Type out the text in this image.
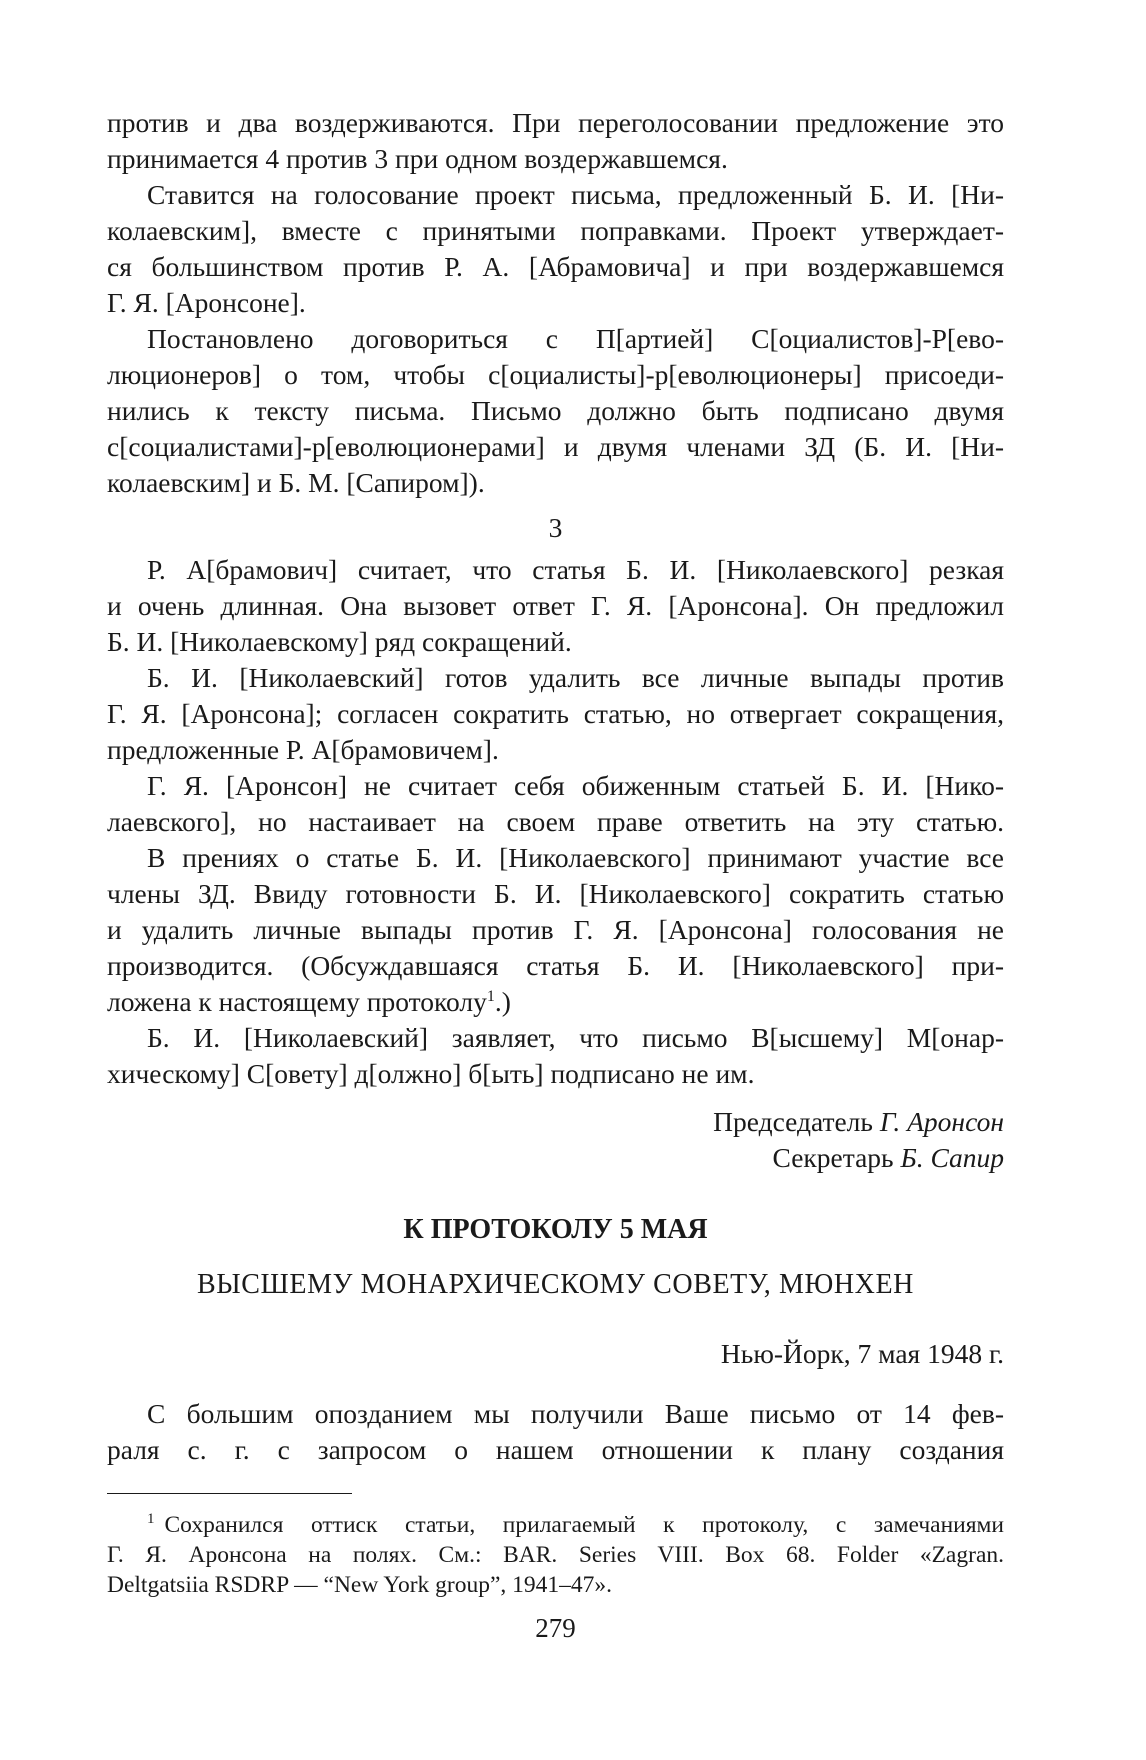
против и два воздерживаются. При переголосовании предложение это
принимается 4 против 3 при одном воздержавшемся.
Ставится на голосование проект письма, предложенный Б. И. [Ни-
колаевским], вместе с принятыми поправками. Проект утверждает-
ся большинством против Р. А. [Абрамовича] и при воздержавшемся
Г. Я. [Аронсоне].
Постановлено договориться с П[артией] С[оциалистов]-Р[ево-
люционеров] о том, чтобы с[оциалисты]-р[еволюционеры] присоеди-
нились к тексту письма. Письмо должно быть подписано двумя
с[социалистами]-р[еволюционерами] и двумя членами ЗД (Б. И. [Ни-
колаевским] и Б. М. [Сапиром]).
3
Р. А[брамович] считает, что статья Б. И. [Николаевского] резкая
и очень длинная. Она вызовет ответ Г. Я. [Аронсона]. Он предложил
Б. И. [Николаевскому] ряд сокращений.
Б. И. [Николаевский] готов удалить все личные выпады против
Г. Я. [Аронсона]; согласен сократить статью, но отвергает сокращения,
предложенные Р. А[брамовичем].
Г. Я. [Аронсон] не считает себя обиженным статьей Б. И. [Нико-
лаевского], но настаивает на своем праве ответить на эту статью.
В прениях о статье Б. И. [Николаевского] принимают участие все
члены ЗД. Ввиду готовности Б. И. [Николаевского] сократить статью
и удалить личные выпады против Г. Я. [Аронсона] голосования не
производится. (Обсуждавшаяся статья Б. И. [Николаевского] при-
ложена к настоящему протоколу$^1$.)
Б. И. [Николаевский] заявляет, что письмо В[ысшему] М[онар-
хическому] С[овету] д[олжно] б[ыть] подписано не им.
Председатель Г. Аронсон
Секретарь Б. Сапир
К ПРОТОКОЛУ 5 МАЯ
ВЫСШЕМУ МОНАРХИЧЕСКОМУ СОВЕТУ, МЮНХЕН
Нью-Йорк, 7 мая 1948 г.
С большим опозданием мы получили Ваше письмо от 14 фев-
раля с. г. с запросом о нашем отношении к плану создания
$^1$ Сохранился оттиск статьи, прилагаемый к протоколу, с замечаниями
Г. Я. Аронсона на полях. См.: BAR. Series VIII. Box 68. Folder «Zagran.
Deltgatsiia RSDRP — “New York group”, 1941–47».
279
